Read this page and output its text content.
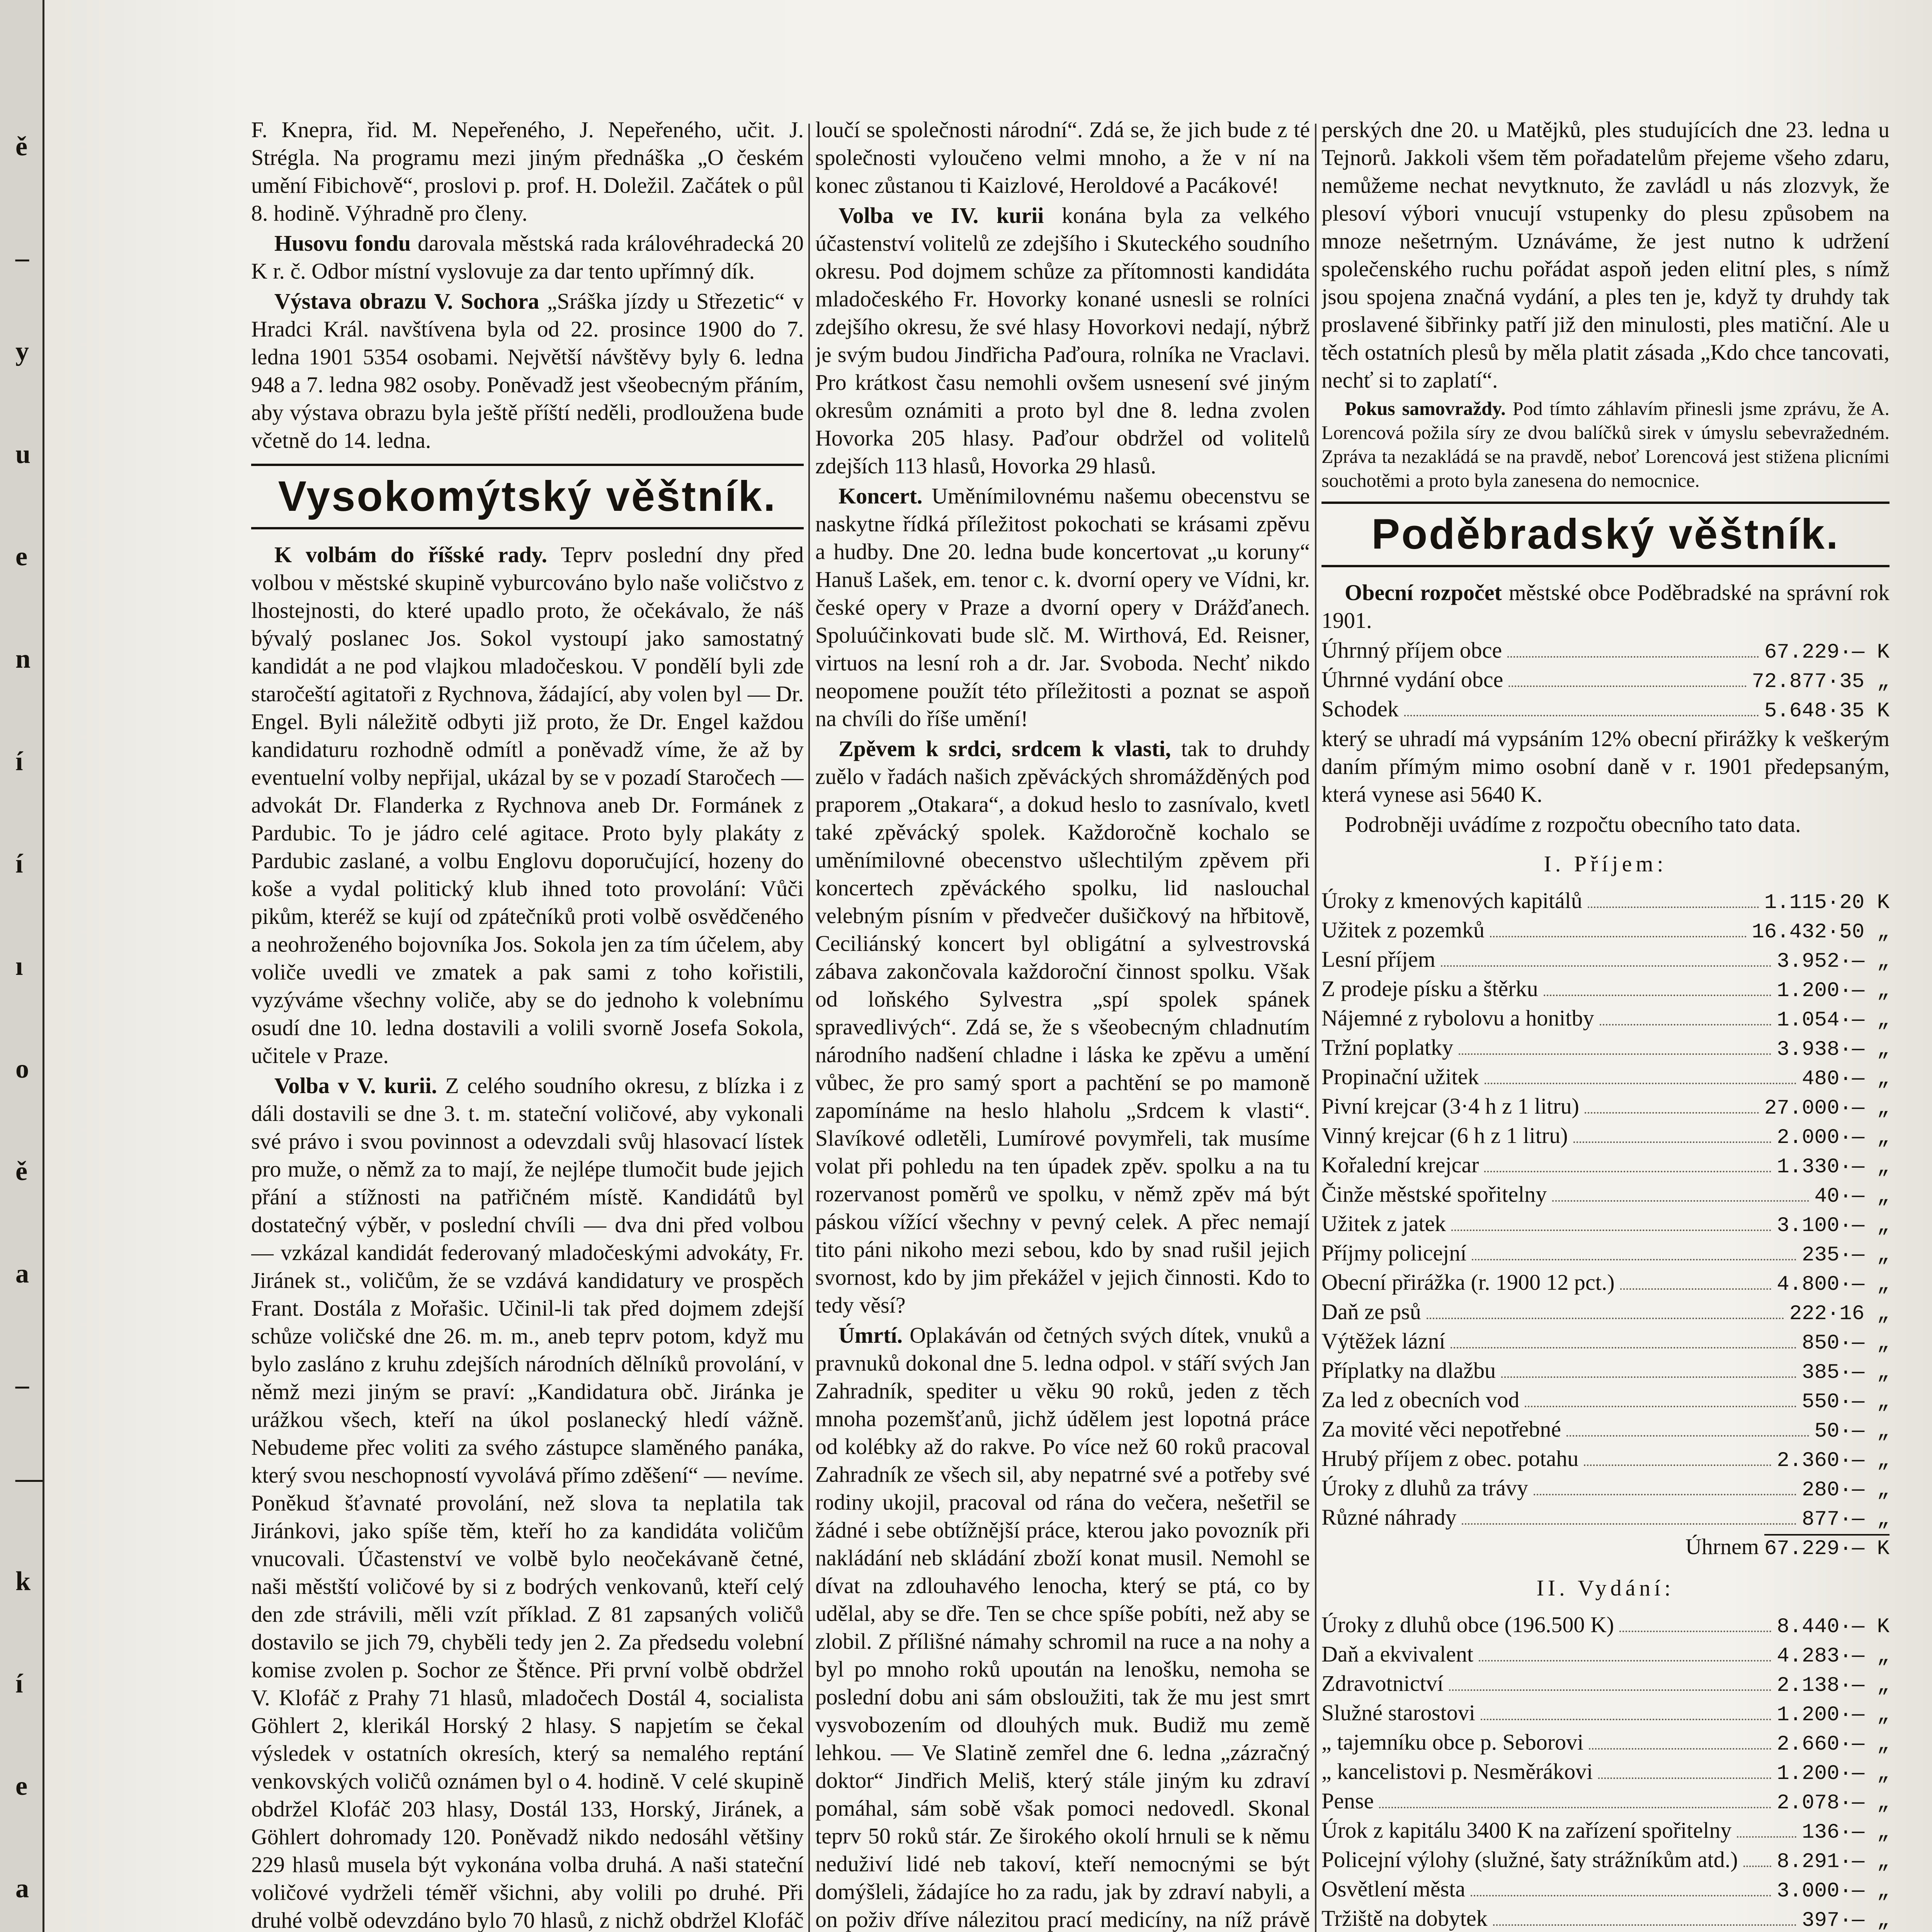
ě
_
y
u
e
n
í
í
ı
o
ě
a
_
—
k
í
e
a

F. Knepra, řid. M. Nepeřeného, J. Nepeřeného, učit. J. Strégla. Na programu mezi jiným přednáška „O českém umění Fibichově“, proslovi p. prof. H. Doležil. Začátek o půl 8. hodině. Výhradně pro členy.

Husovu fondu darovala městská rada královéhradecká 20 K r. č. Odbor místní vyslovuje za dar tento upřímný dík.

Výstava obrazu V. Sochora „Sráška jízdy u Střezetic“ v Hradci Král. navštívena byla od 22. prosince 1900 do 7. ledna 1901 5354 osobami. Největší návštěvy byly 6. ledna 948 a 7. ledna 982 osoby. Poněvadž jest všeobecným přáním, aby výstava obrazu byla ještě příští neděli, prodloužena bude včetně do 14. ledna.

Vysokomýtský věštník.

K volbám do říšské rady. Teprv poslední dny před volbou v městské skupině vyburcováno bylo naše voličstvo z lhostejnosti, do které upadlo proto, že očekávalo, že náš bývalý poslanec Jos. Sokol vystoupí jako samostatný kandidát a ne pod vlajkou mladočeskou. V pondělí byli zde staročeští agitatoři z Rychnova, žádající, aby volen byl — Dr. Engel. Byli náležitě odbyti již proto, že Dr. Engel každou kandidaturu rozhodně odmítl a poněvadž víme, že až by eventuelní volby nepřijal, ukázal by se v pozadí Staročech — advokát Dr. Flanderka z Rychnova aneb Dr. Formánek z Pardubic. To je jádro celé agitace. Proto byly plakáty z Pardubic zaslané, a volbu Englovu doporučující, hozeny do koše a vydal politický klub ihned toto provolání: Vůči pikům, kteréž se kují od zpátečníků proti volbě osvědčeného a neohroženého bojovníka Jos. Sokola jen za tím účelem, aby voliče uvedli ve zmatek a pak sami z toho kořistili, vyzýváme všechny voliče, aby se do jednoho k volebnímu osudí dne 10. ledna dostavili a volili svorně Josefa Sokola, učitele v Praze.

Volba v V. kurii. Z celého soudního okresu, z blízka i z dáli dostavili se dne 3. t. m. stateční voličové, aby vykonali své právo i svou povinnost a odevzdali svůj hlasovací lístek pro muže, o němž za to mají, že nejlépe tlumočit bude jejich přání a stížnosti na patřičném místě. Kandidátů byl dostatečný výběr, v poslední chvíli — dva dni před volbou — vzkázal kandidát federovaný mladočeskými advokáty, Fr. Jiránek st., voličům, že se vzdává kandidatury ve prospěch Frant. Dostála z Mořašic. Učinil-li tak před dojmem zdejší schůze voličské dne 26. m. m., aneb teprv potom, když mu bylo zasláno z kruhu zdejších národních dělníků provolání, v němž mezi jiným se praví: „Kandidatura obč. Jiránka je urážkou všech, kteří na úkol poslanecký hledí vážně. Nebudeme přec voliti za svého zástupce slaměného panáka, který svou neschopností vyvolává přímo zděšení“ — nevíme. Poněkud šťavnaté provolání, než slova ta neplatila tak Jiránkovi, jako spíše těm, kteří ho za kandidáta voličům vnucovali. Účastenství ve volbě bylo neočekávaně četné, naši městští voličové by si z bodrých venkovanů, kteří celý den zde strávili, měli vzít příklad. Z 81 zapsaných voličů dostavilo se jich 79, chyběli tedy jen 2. Za předsedu volební komise zvolen p. Sochor ze Štěnce. Při první volbě obdržel V. Klofáč z Prahy 71 hlasů, mladočech Dostál 4, socialista Göhlert 2, klerikál Horský 2 hlasy. S napjetím se čekal výsledek v ostatních okresích, který sa nemalého reptání venkovských voličů oznámen byl o 4. hodině. V celé skupině obdržel Klofáč 203 hlasy, Dostál 133, Horský, Jiránek, a Göhlert dohromady 120. Poněvadž nikdo nedosáhl většiny 229 hlasů musela být vykonána volba druhá. A naši stateční voličové vydrželi téměř všichni, aby volili po druhé. Při druhé volbě odevzdáno bylo 70 hlasů, z nichž obdržel Klofáč

loučí se společnosti národní“. Zdá se, že jich bude z té společnosti vyloučeno velmi mnoho, a že v ní na konec zůstanou ti Kaizlové, Heroldové a Pacákové!

Volba ve IV. kurii konána byla za velkého účastenství volitelů ze zdejšího i Skuteckého soudního okresu. Pod dojmem schůze za přítomnosti kandidáta mladočeského Fr. Hovorky konané usnesli se rolníci zdejšího okresu, že své hlasy Hovorkovi nedají, nýbrž je svým budou Jindřicha Paďoura, rolníka ne Vraclavi. Pro krátkost času nemohli ovšem usnesení své jiným okresům oznámiti a proto byl dne 8. ledna zvolen Hovorka 205 hlasy. Paďour obdržel od volitelů zdejších 113 hlasů, Hovorka 29 hlasů.

Koncert. Uměnímilovnému našemu obecenstvu se naskytne řídká příležitost pokochati se krásami zpěvu a hudby. Dne 20. ledna bude koncertovat „u koruny“ Hanuš Lašek, em. tenor c. k. dvorní opery ve Vídni, kr. české opery v Praze a dvorní opery v Drážďanech. Spoluúčinkovati bude slč. M. Wirthová, Ed. Reisner, virtuos na lesní roh a dr. Jar. Svoboda. Nechť nikdo neopomene použít této příležitosti a poznat se aspoň na chvíli do říše umění!

Zpěvem k srdci, srdcem k vlasti, tak to druhdy zuělo v řadách našich zpěváckých shromážděných pod praporem „Otakara“, a dokud heslo to zasnívalo, kvetl také zpěvácký spolek. Každoročně kochalo se uměnímilovné obecenstvo ušlechtilým zpěvem při koncertech zpěváckého spolku, lid naslouchal velebným písním v předvečer dušičkový na hřbitově, Ceciliánský koncert byl obligátní a sylvestrovská zábava zakončovala každoroční činnost spolku. Však od loňského Sylvestra „spí spolek spánek spravedlivých“. Zdá se, že s všeobecným chladnutím národního nadšení chladne i láska ke zpěvu a umění vůbec, že pro samý sport a pachtění se po mamoně zapomínáme na heslo hlaholu „Srdcem k vlasti“. Slavíkové odletěli, Lumírové povymřeli, tak musíme volat při pohledu na ten úpadek zpěv. spolku a na tu rozervanost poměrů ve spolku, v němž zpěv má být páskou vížící všechny v pevný celek. A přec nemají tito páni nikoho mezi sebou, kdo by snad rušil jejich svornost, kdo by jim překážel v jejich činnosti. Kdo to tedy věsí?

Úmrtí. Oplakáván od četných svých dítek, vnuků a pravnuků dokonal dne 5. ledna odpol. v stáří svých Jan Zahradník, spediter u věku 90 roků, jeden z těch mnoha pozemšťanů, jichž údělem jest lopotná práce od kolébky až do rakve. Po více než 60 roků pracoval Zahradník ze všech sil, aby nepatrné své a potřeby své rodiny ukojil, pracoval od rána do večera, nešetřil se žádné i sebe obtížnější práce, kterou jako povozník při nakládání neb skládání zboží konat musil. Nemohl se dívat na zdlouhavého lenocha, který se ptá, co by udělal, aby se dře. Ten se chce spíše pobíti, než aby se zlobil. Z přílišné námahy schromil na ruce a na nohy a byl po mnoho roků upoután na lenošku, nemoha se poslední dobu ani sám obsloužiti, tak že mu jest smrt vysvobozením od dlouhých muk. Budiž mu země lehkou. — Ve Slatině zemřel dne 6. ledna „zázračný doktor“ Jindřich Meliš, který stále jiným ku zdraví pomáhal, sám sobě však pomoci nedovedl. Skonal teprv 50 roků stár. Ze širokého okolí hrnuli se k němu neduživí lidé neb takoví, kteří nemocnými se být domýšleli, žádajíce ho za radu, jak by zdraví nabyli, a on poživ dříve nálezitou prací medicíny, na níž právě

perských dne 20. u Matějků, ples studujících dne 23. ledna u Tejnorů. Jakkoli všem těm pořadatelům přejeme všeho zdaru, nemůžeme nechat nevytknuto, že zavládl u nás zlozvyk, že plesoví výbori vnucují vstupenky do plesu způsobem na mnoze nešetrným. Uznáváme, že jest nutno k udržení společenského ruchu pořádat aspoň jeden elitní ples, s nímž jsou spojena značná vydání, a ples ten je, když ty druhdy tak proslavené šibřinky patří již den minulosti, ples matiční. Ale u těch ostatních plesů by měla platit zásada „Kdo chce tancovati, nechť si to zaplatí“.

Pokus samovraždy. Pod tímto záhlavím přinesli jsme zprávu, že A. Lorencová požila síry ze dvou balíčků sirek v úmyslu sebevražedném. Zpráva ta nezakládá se na pravdě, neboť Lorencová jest stižena plicními souchotěmi a proto byla zanesena do nemocnice.

Poděbradský věštník.

Obecní rozpočet městské obce Poděbradské na správní rok 1901.

Úhrnný příjem obce	67.229·— K
Úhrnné vydání obce	72.877·35 „
Schodek	5.648·35 K

který se uhradí má vypsáním 12% obecní přirážky k veškerým daním přímým mimo osobní daně v r. 1901 předepsaným, která vynese asi 5640 K.

Podrobněji uvádíme z rozpočtu obecního tato data.

I. Příjem:
Úroky z kmenových kapitálů	1.115·20 K
Užitek z pozemků	16.432·50 „
Lesní příjem	3.952·— „
Z prodeje písku a štěrku	1.200·— „
Nájemné z rybolovu a honitby	1.054·— „
Tržní poplatky	3.938·— „
Propinační užitek	480·— „
Pivní krejcar (3·4 h z 1 litru)	27.000·— „
Vinný krejcar (6 h z 1 litru)	2.000·— „
Kořalední krejcar	1.330·— „
Činže městské spořitelny	40·— „
Užitek z jatek	3.100·— „
Příjmy policejní	235·— „
Obecní přirážka (r. 1900 12 pct.)	4.800·— „
Daň ze psů	222·16 „
Výtěžek lázní	850·— „
Příplatky na dlažbu	385·— „
Za led z obecních vod	550·— „
Za movité věci nepotřebné	50·— „
Hrubý příjem z obec. potahu	2.360·— „
Úroky z dluhů za trávy	280·— „
Různé náhrady	877·— „
Úhrnem 67.229·— K
II. Vydání:
Úroky z dluhů obce (196.500 K)	8.440·— K
Daň a ekvivalent	4.283·— „
Zdravotnictví	2.138·— „
Služné starostovi	1.200·— „
„ tajemníku obce p. Seborovi	2.660·— „
„ kancelistovi p. Nesměrákovi	1.200·— „
Pense	2.078·— „
Úrok z kapitálu 3400 K na zařízení spořitelny	136·— „
Policejní výlohy (služné, šaty strážníkům atd.) 8.291·— „
Osvětlení města	3.000·— „
Tržiště na dobytek	397·— „
